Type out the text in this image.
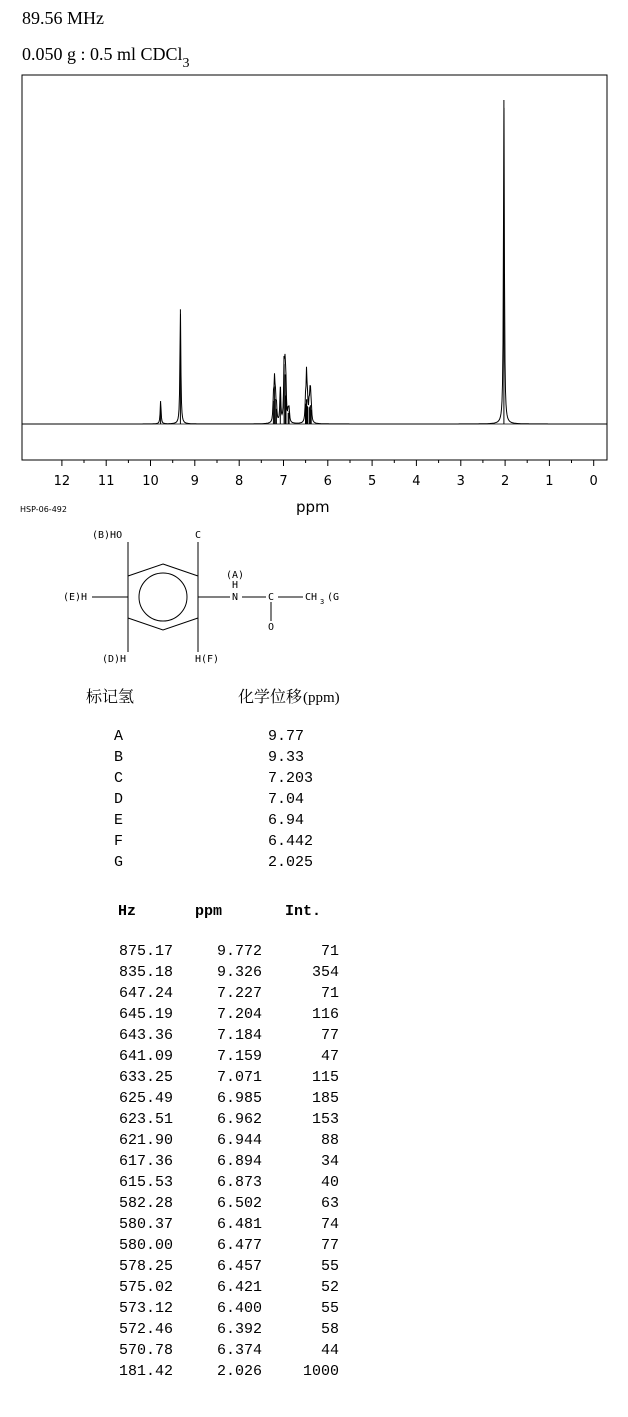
89.56 MHz
0.050 g : 0.5 ml CDCl$_3$
12 11 10 9	8	7	6	5	4	3	2	1	0
ppm
HSP-06-492
(B)HO	C
(A)
H
N
(E)H	C	CH 3 (G
O
(D)H	H(F)
标记氢	化学位移 (ppm)
A	9.77
B	9.33
C	7.203
D	7.04
E	6.94
F	6.442
G	2.025
Hz	ppm	Int.
875.17	9.772	71
835.18	9.326	354
647.24	7.227	71
645.19	7.204	116
643.36	7.184	77
641.09	7.159	47
633.25	7.071	115
625.49	6.985	185
623.51	6.962	153
621.90	6.944	88
617.36	6.894	34
615.53	6.873	40
582.28	6.502	63
580.37	6.481	74
580.00	6.477	77
578.25	6.457	55
575.02	6.421	52
573.12	6.400	55
572.46	6.392	58
570.78	6.374	44
181.42	2.026	1000
